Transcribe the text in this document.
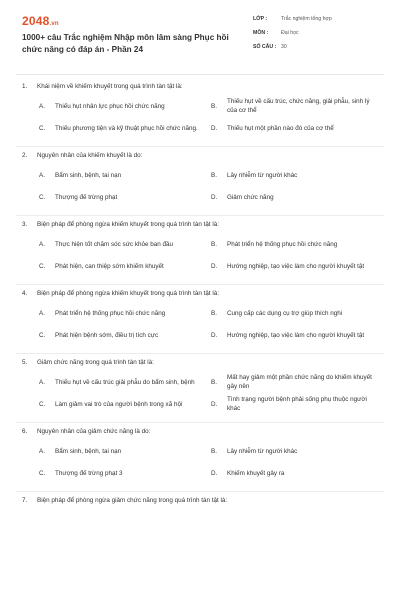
2048.vn
1000+ câu Trắc nghiệm Nhập môn lâm sàng Phục hồi chức năng có đáp án - Phần 24
LỚP :	Trắc nghiệm tổng hợp
MÔN :	Đại học
SỐ CÂU : 30
1. Khái niệm về khiếm khuyết trong quá trình tàn tật là:
A.	Thiếu hụt nhân lực phục hồi chức năng	B.
Thiếu hụt về cấu trúc, chức năng, giải phẫu, sinh lý của cơ thể
C.	Thiếu phương tiện và kỹ thuật phục hồi chức năng.	D.	Thiếu hụt một phần nào đó của cơ thể
2. Nguyên nhân của khiếm khuyết là do:
A.	Bẩm sinh, bệnh, tai nạn	B.	Lây nhiễm từ người khác
C.	Thượng đế trừng phạt	D.	Giảm chức năng
3. Biện pháp để phòng ngừa khiếm khuyết trong quá trình tàn tật là:
A.	Thực hiện tốt chăm sóc sức khỏe ban đầu	B.	Phát triển hệ thống phục hồi chức năng
C.	Phát hiện, can thiệp sớm khiếm khuyết	D.	Hướng nghiệp, tạo việc làm cho người khuyết tật
4. Biện pháp để phòng ngừa khiếm khuyết trong quá trình tàn tật là:
A.	Phát triển hệ thống phục hồi chức năng	B.	Cung cấp các dụng cụ trợ giúp thích nghi
C.	Phát hiện bệnh sớm, điều trị tích cực	D.	Hướng nghiệp, tạo việc làm cho người khuyết tật
5. Giảm chức năng trong quá trình tàn tật là:
A.	Thiếu hụt về cấu trúc giải phẫu do bẩm sinh, bệnh	B.
Mất hay giảm một phần chức năng do khiếm khuyết gây nên
C.	Làm giảm vai trò của người bệnh trong xã hội	D.
Tình trạng người bệnh phải sống phụ thuộc người khác
6. Nguyên nhân của giảm chức năng là do:
A.	Bẩm sinh, bệnh, tai nạn	B.	Lây nhiễm từ người khác
C.	Thượng đế trừng phạt 3	D.	Khiếm khuyết gây ra
7. Biện pháp để phòng ngừa giảm chức năng trong quá trình tàn tật là:
